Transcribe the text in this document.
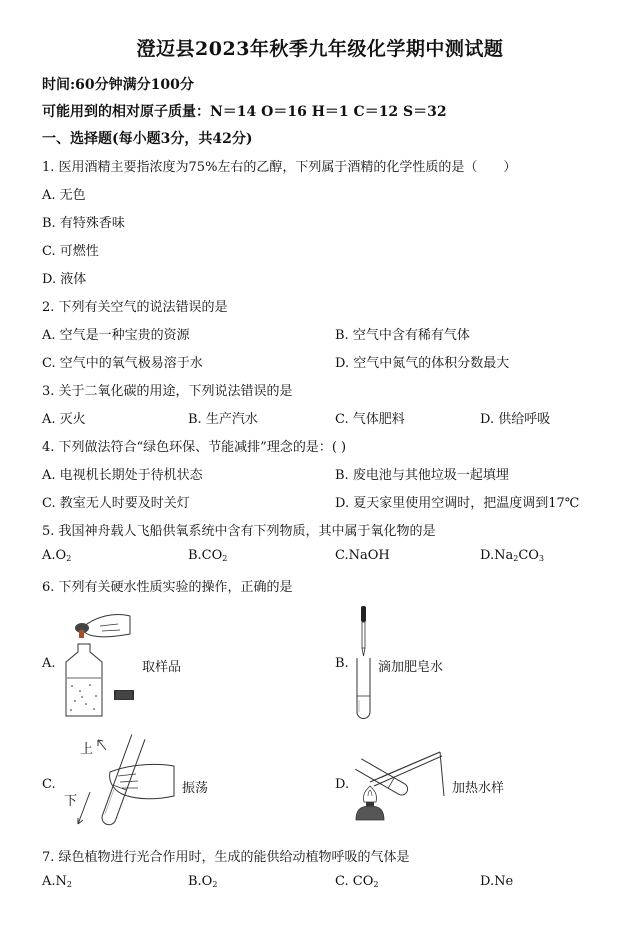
澄迈县2023年秋季九年级化学期中测试题
时间:60分钟满分100分
可能用到的相对原子质量：N＝14 O＝16 H＝1 C＝12 S＝32
一、选择题(每小题3分，共42分)
1. 医用酒精主要指浓度为75%左右的乙醇，下列属于酒精的化学性质的是（　　）
A. 无色
B. 有特殊香味
C. 可燃性
D. 液体
2. 下列有关空气的说法错误的是
A. 空气是一种宝贵的资源	B. 空气中含有稀有气体
C. 空气中的氧气极易溶于水	D. 空气中氮气的体积分数最大
3. 关于二氧化碳的用途，下列说法错误的是
A. 灭火	B. 生产汽水	C. 气体肥料	D. 供给呼吸
4. 下列做法符合“绿色环保、节能减排”理念的是：( )
A. 电视机长期处于待机状态	B. 废电池与其他垃圾一起填埋
C. 教室无人时要及时关灯	D. 夏天家里使用空调时，把温度调到17℃
5. 我国神舟载人飞船供氧系统中含有下列物质，其中属于氧化物的是
$A.O_2$	$B.CO_2$	C.NaOH	$D.Na_2CO_3$
6. 下列有关硬水性质实验的操作，正确的是
A.	取样品	B. 滴加肥皂水
C.
上
下
振荡	D.	加热水样
7. 绿色植物进行光合作用时，生成的能供给动植物呼吸的气体是
$A.N_2$	$B.O_2$	C. $CO_2$	D.Ne
